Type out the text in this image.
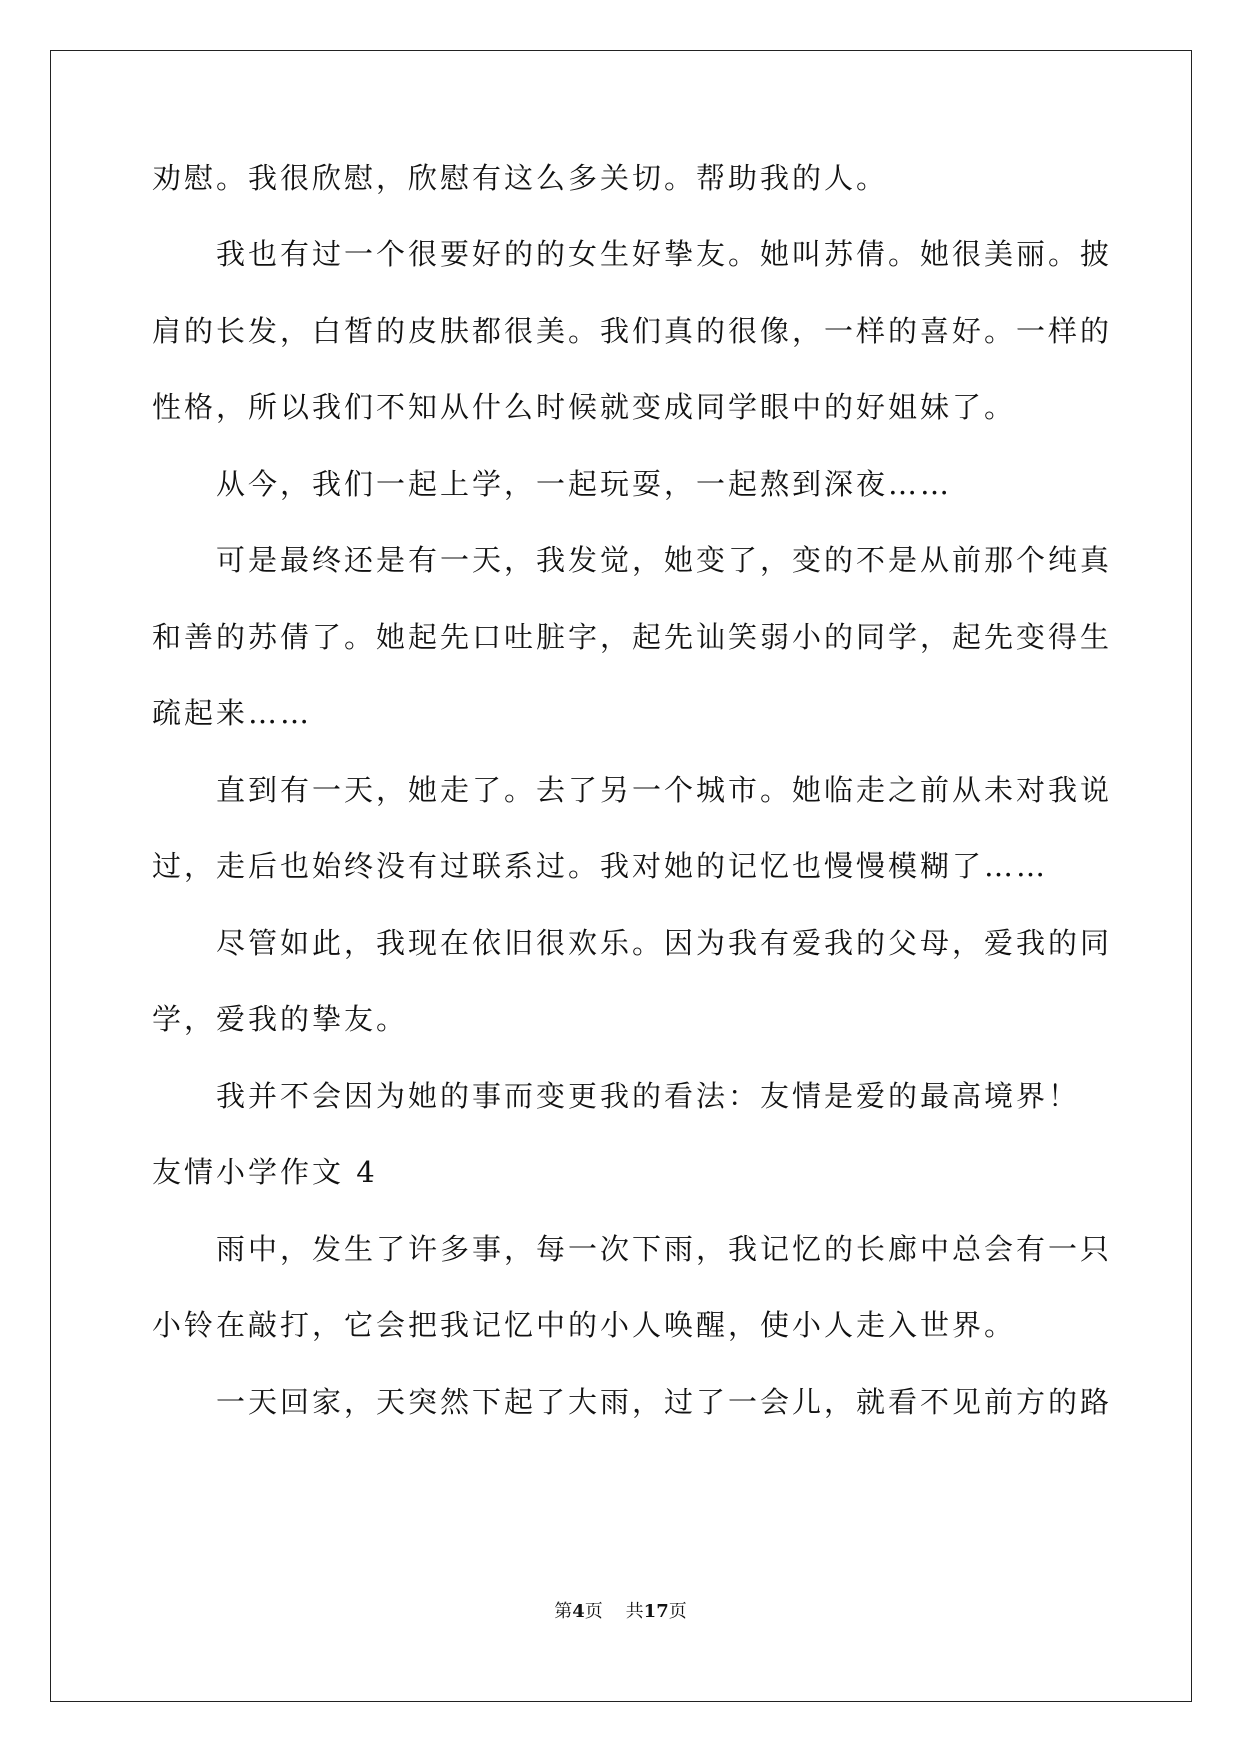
劝慰。我很欣慰，欣慰有这么多关切。帮助我的人。
我也有过一个很要好的的女生好挚友。她叫苏倩。她很美丽。披
肩的长发，白皙的皮肤都很美。我们真的很像，一样的喜好。一样的
性格，所以我们不知从什么时候就变成同学眼中的好姐妹了。
从今，我们一起上学，一起玩耍，一起熬到深夜……
可是最终还是有一天，我发觉，她变了，变的不是从前那个纯真
和善的苏倩了。她起先口吐脏字，起先讪笑弱小的同学，起先变得生
疏起来……
直到有一天，她走了。去了另一个城市。她临走之前从未对我说
过，走后也始终没有过联系过。我对她的记忆也慢慢模糊了……
尽管如此，我现在依旧很欢乐。因为我有爱我的父母，爱我的同
学，爱我的挚友。
我并不会因为她的事而变更我的看法：友情是爱的最高境界！
友情小学作文 4
雨中，发生了许多事，每一次下雨，我记忆的长廊中总会有一只
小铃在敲打，它会把我记忆中的小人唤醒，使小人走入世界。
一天回家，天突然下起了大雨，过了一会儿，就看不见前方的路
第4页 共17页
